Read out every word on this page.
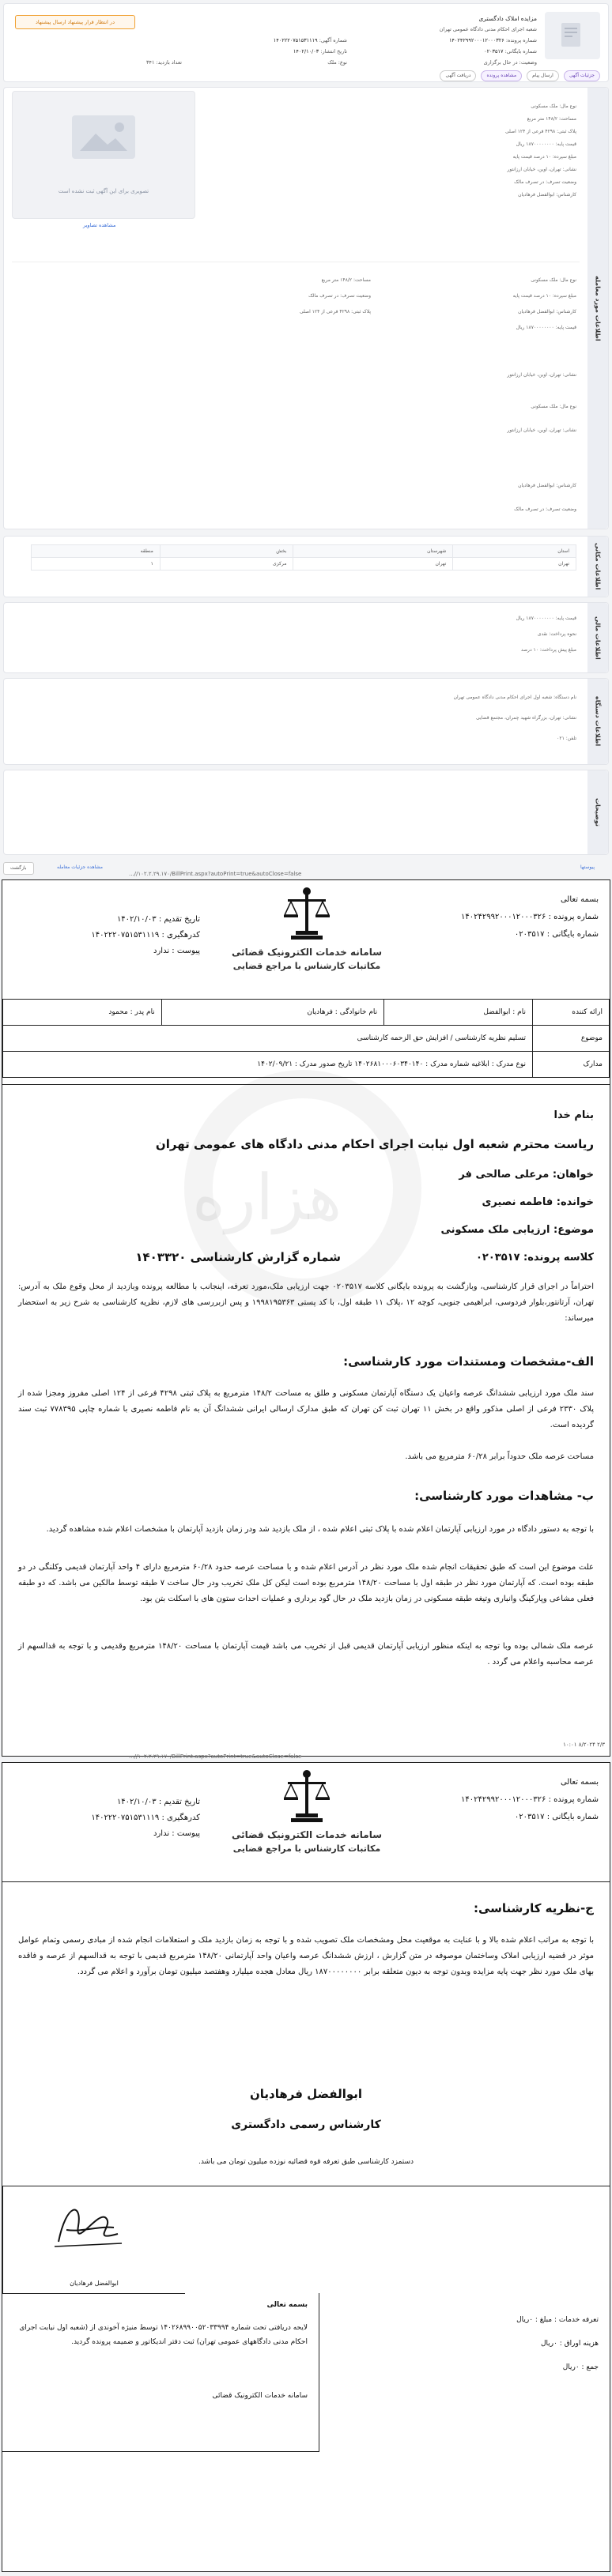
مزایده املاک دادگستری
شعبه اجرای احکام مدنی دادگاه عمومی تهران
شماره پرونده: ۱۴۰۲۴۲۹۹۲۰۰۰۱۲۰۰۰۳۲۶
شماره بایگانی: ۰۲۰۳۵۱۷
وضعیت: در حال برگزاری
شماره آگهی: ۱۴۰۲۲۲۰۷۵۱۵۳۱۱۱۹
تاریخ انتشار: ۱۴۰۲/۱۰/۰۳
نوع: ملک
تعداد بازدید: ۳۴۱
در انتظار قرار پیشنهاد ارسال پیشنهاد
جزئیات آگهی
ارسال پیام
مشاهده پرونده
دریافت آگهی
اطلاعات مورد معامله
تصویری برای این آگهی ثبت نشده است
مشاهده تصاویر
نوع مال: ملک مسکونی
مساحت: ۱۴۸/۲ متر مربع
پلاک ثبتی: ۴۲۹۸ فرعی از ۱۲۴ اصلی
قیمت پایه: ۱۸۷۰۰۰۰۰۰۰۰ ریال
مبلغ سپرده: ۱۰ درصد قیمت پایه
نشانی: تهران، اوین، خیابان ارزانتور
وضعیت تصرف: در تصرف مالک
کارشناس: ابوالفضل فرهادیان
نوع مال: ملک مسکونی
مساحت: ۱۴۸/۲ متر مربع
مبلغ سپرده: ۱۰ درصد قیمت پایه
وضعیت تصرف: در تصرف مالک
کارشناس: ابوالفضل فرهادیان
پلاک ثبتی: ۴۲۹۸ فرعی از ۱۲۴ اصلی
قیمت پایه: ۱۸۷۰۰۰۰۰۰۰۰ ریال
نشانی: تهران، اوین، خیابان ارزانتور
نوع مال: ملک مسکونی
نشانی: تهران، اوین، خیابان ارزانتور
کارشناس: ابوالفضل فرهادیان
وضعیت تصرف: در تصرف مالک
اطلاعات مکانی
استان	شهرستان	بخش	منطقه
تهران	تهران	مرکزی	۱
اطلاعات مالی
قیمت پایه: ۱۸۷۰۰۰۰۰۰۰۰ ریال
نحوه پرداخت: نقدی
مبلغ پیش پرداخت: ۱۰ درصد
اطلاعات دستگاه
نام دستگاه: شعبه اول اجرای احکام مدنی دادگاه عمومی تهران
نشانی: تهران، بزرگراه شهید چمران، مجتمع قضایی
تلفن: ۰۲۱
توضیحات
بازگشت	مشاهده جزئیات معامله	پیوستها
...//۱۰۲.۲.۲۹.۱۷۰/BillPrint.aspx?autoPrint=true&autoClose=false
هزاره
بسمه تعالی
شماره پرونده : ۱۴۰۲۴۲۹۹۲۰۰۰۱۲۰۰۰۳۲۶
شماره بایگانی : ۰۲۰۳۵۱۷
سامانه خدمات الکترونیک قضائی
مکاتبات کارشناس با مراجع قضایی
تاریخ تقدیم : ۱۴۰۲/۱۰/۰۳
کدرهگیری : ۱۴۰۲۲۲۰۷۵۱۵۳۱۱۱۹
پیوست : ندارد
ارائه کننده	نام : ابوالفضل	نام خانوادگی : فرهادیان	نام پدر : محمود
موضوع	تسلیم نظریه کارشناسی / افزایش حق الزحمه کارشناسی		
مدارک	نوع مدرک : ابلاغیه شماره مدرک : ۱۴۰۲۶۸۱۰۰۰۶۰۳۴۰۱۴۰ تاریخ صدور مدرک : ۱۴۰۲/۰۹/۲۱		
بنام خدا
ریاست محترم شعبه اول نیابت اجرای احکام مدنی دادگاه های عمومی تهران
خواهان: مرعلی صالحی فر
خوانده: فاطمه نصیری
موضوع: ارزیابی ملک مسکونی
کلاسه پرونده: ۰۲۰۳۵۱۷
شماره گزارش کارشناسی ۱۴۰۳۳۲۰
احتراماً در اجرای قرار کارشناسی، وبازگشت به پرونده بایگانی کلاسه ۰۲۰۳۵۱۷ جهت ارزیابی ملک،مورد تعرفه، اینجانب با مطالعه پرونده وبازدید از محل وقوع ملک به آدرس: تهران، آرتانتور،بلوار فردوسی، ابراهیمی جنوبی، کوچه ۱۲ ،پلاک ۱۱ طبقه اول، با کد پستی ۱۹۹۸۱۹۵۳۶۳ و پس ازبررسی های لازم، نظریه کارشناسی به شرح زیر به استحضار میرساند:
الف-مشخصات ومستندات مورد کارشناسی:
سند ملک مورد ارزیابی ششدانگ عرصه واعیان یک دستگاه آپارتمان مسکونی و طلق به مساحت ۱۴۸/۲ مترمربع به پلاک ثبتی ۴۲۹۸ فرعی از ۱۲۴ اصلی مفروز ومجزا شده از پلاک ۲۳۳۰ فرعی از اصلی مذکور واقع در بخش ۱۱ تهران ثبت کن تهران که طبق مدارک ارسالی ایرانی ششدانگ آن به نام فاطمه نصیری با شماره چاپی ۷۷۸۳۹۵ ثبت سند گردیده است.
مساحت عرصه ملک حدوداً برابر ۶۰/۲۸ مترمربع می باشد.
ب- مشاهدات مورد کارشناسی:
با توجه به دستور دادگاه در مورد ارزیابی آپارتمان اعلام شده با پلاک ثبتی اعلام شده ، از ملک بازدید شد ودر زمان بازدید آپارتمان با مشخصات اعلام شده مشاهده گردید.
علت موضوع این است که طبق تحقیقات انجام شده ملک مورد نظر در آدرس اعلام شده و با مساحت عرصه حدود ۶۰/۲۸ مترمربع دارای ۴ واحد آپارتمان قدیمی وکلنگی در دو طبقه بوده است. که آپارتمان مورد نظر در طبقه اول با مساحت ۱۴۸/۲۰ مترمربع بوده است لیکن کل ملک تخریب ودر حال ساخت ۷ طبقه توسط مالکین می باشد. که دو طبقه فعلی مشاعی وپارکینگ وانباری وتیغه طبقه مسکونی در زمان بازدید ملک در حال گود برداری و عملیات احداث ستون های با اسکلت بتن بود.
عرصه ملک شمالی بوده وبا توجه به اینکه منظور ارزیابی آپارتمان قدیمی قبل از تخریب می باشد قیمت آپارتمان با مساحت ۱۴۸/۲۰ مترمربع وقدیمی و با توجه به قدالسهم از عرصه محاسبه واعلام می گردد .
۲/۳ ۸/۲۰۲۴ ۱۰:۰۱
...//۱۰۲.۲.۲۹.۱۷۰/BillPrint.aspx?autoPrint=true&autoClose=false
بسمه تعالی
شماره پرونده : ۱۴۰۲۴۲۹۹۲۰۰۰۱۲۰۰۰۳۲۶
شماره بایگانی : ۰۲۰۳۵۱۷
سامانه خدمات الکترونیک قضائی
مکاتبات کارشناس با مراجع قضایی
تاریخ تقدیم : ۱۴۰۲/۱۰/۰۳
کدرهگیری : ۱۴۰۲۲۲۰۷۵۱۵۳۱۱۱۹
پیوست : ندارد
ج-نظریه کارشناسی:
با توجه به مراتب اعلام شده بالا و با عنایت به موقعیت محل ومشخصات ملک تصویب شده و با توجه به زمان بازدید ملک و استعلامات انجام شده از مبادی رسمی وتمام عوامل موثر در قضیه ارزیابی املاک وساختمان موصوفه در متن گزارش ، ارزش ششدانگ عرصه واعیان واحد آپارتمانی ۱۴۸/۲۰ مترمربع قدیمی با توجه به قدالسهم از عرصه و فاقده بهای ملک مورد نظر جهت پایه مزایده وبدون توجه به دیون متعلقه برابر ۱۸۷۰۰۰۰۰۰۰۰ ریال معادل هجده میلیارد وهفتصد میلیون تومان برآورد و اعلام می گردد.
ابوالفضل فرهادیان
کارشناس رسمی دادگستری
دستمزد کارشناسی طبق تعرفه قوه قضائیه نوزده میلیون تومان می باشد.
ابوالفضل فرهادیان
بسمه تعالی
لایحه دریافتی تحت شماره ۱۴۰۲۶۸۹۹۰۰۵۲۰۳۳۹۹۴ توسط منیژه آخوندی از (شعبه اول نیابت اجرای احکام مدنی دادگاههای عمومی تهران) ثبت دفتر اندیکاتور و ضمیمه پرونده گردید.
سامانه خدمات الکترونیک قضائی
تعرفه خدمات : مبلغ : ۰ریال
هزینه اوراق : ۰ریال
جمع : ۰ریال
